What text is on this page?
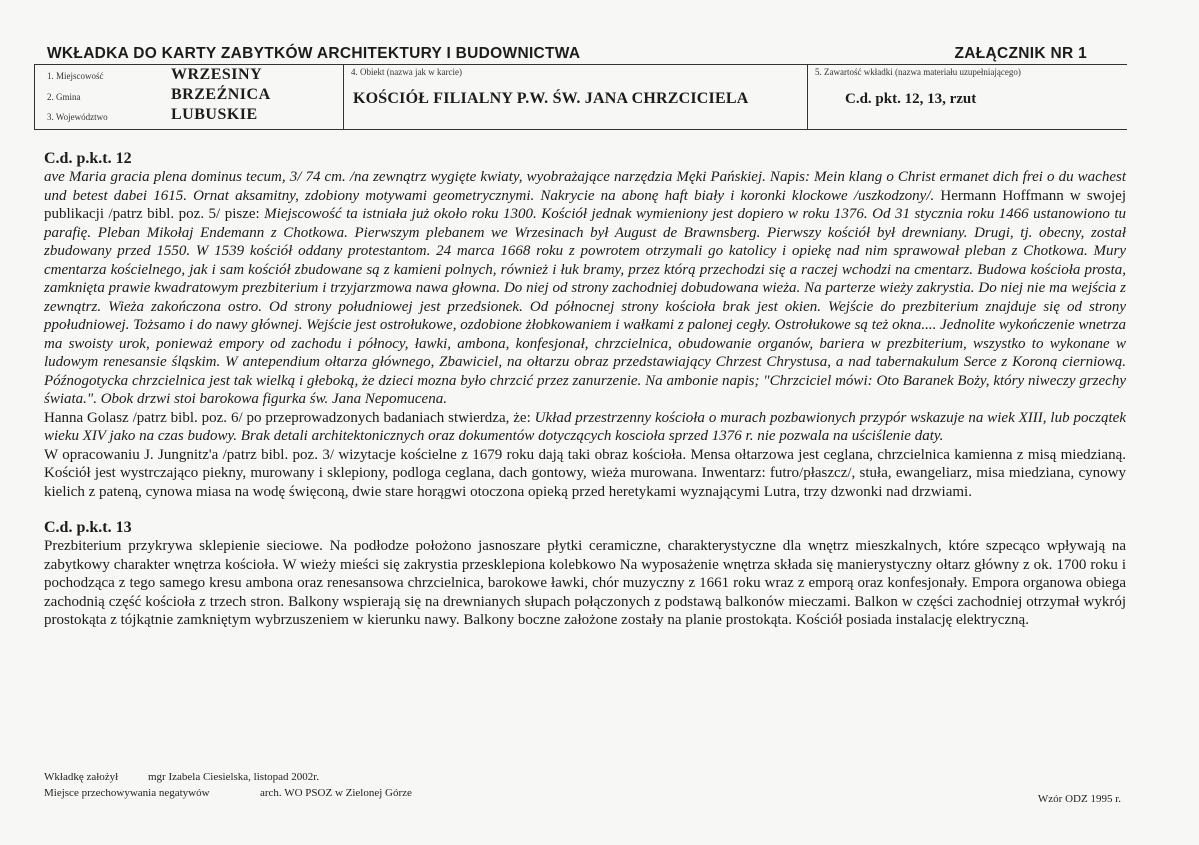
WKŁADKA DO KARTY ZABYTKÓW ARCHITEKTURY I BUDOWNICTWA	ZAŁĄCZNIK NR 1
1. Miejscowość	WRZESINY
2. Gmina	BRZEŹNICA
3. Województwo	LUBUSKIE
4. Obiekt (nazwa jak w karcie)
KOŚCIÓŁ FILIALNY P.W. ŚW. JANA CHRZCICIELA
5. Zawartość wkładki (nazwa materiału uzupełniającego)
C.d. pkt. 12, 13, rzut
C.d. p.k.t. 12

ave Maria gracia plena dominus tecum, 3/ 74 cm. /na zewnątrz wygięte kwiaty, wyobrażające narzędzia Męki Pańskiej. Napis: Mein klang o Christ ermanet dich frei o du wachest und betest dabei 1615. Ornat aksamitny, zdobiony motywami geometrycznymi. Nakrycie na abonę haft biały i koronki klockowe /uszkodzony/. Hermann Hoffmann w swojej publikacji /patrz bibl. poz. 5/ pisze: Miejscowość ta istniała już około roku 1300. Kościół jednak wymieniony jest dopiero w roku 1376. Od 31 stycznia roku 1466 ustanowiono tu parafię. Pleban Mikołaj Endemann z Chotkowa. Pierwszym plebanem we Wrzesinach był August de Brawnsberg. Pierwszy kościół był drewniany. Drugi, tj. obecny, został zbudowany przed 1550. W 1539 kościół oddany protestantom. 24 marca 1668 roku z powrotem otrzymali go katolicy i opiekę nad nim sprawował pleban z Chotkowa. Mury cmentarza kościelnego, jak i sam kościół zbudowane są z kamieni polnych, również i łuk bramy, przez którą przechodzi się a raczej wchodzi na cmentarz. Budowa kościoła prosta, zamknięta prawie kwadratowym prezbiterium i trzyjarzmowa nawa głowna. Do niej od strony zachodniej dobudowana wieża. Na parterze wieży zakrystia. Do niej nie ma wejścia z zewnątrz. Wieża zakończona ostro. Od strony południowej jest przedsionek. Od północnej strony kościoła brak jest okien. Wejście do prezbiterium znajduje się od strony ppołudniowej. Tożsamo i do nawy głównej. Wejście jest ostrołukowe, ozdobione żłobkowaniem i wałkami z palonej cegły. Ostrołukowe są też okna.... Jednolite wykończenie wnetrza ma swoisty urok, ponieważ empory od zachodu i północy, ławki, ambona, konfesjonał, chrzcielnica, obudowanie organów, bariera w prezbiterium, wszystko to wykonane w ludowym renesansie śląskim. W antependium ołtarza głównego, Zbawiciel, na ołtarzu obraz przedstawiający Chrzest Chrystusa, a nad tabernakulum Serce z Koroną cierniową. Późnogotycka chrzcielnica jest tak wielką i głeboką, że dzieci mozna było chrzcić przez zanurzenie. Na ambonie napis; "Chrzciciel mówi: Oto Baranek Boży, który niweczy grzechy świata.". Obok drzwi stoi barokowa figurka św. Jana Nepomucena.

Hanna Golasz /patrz bibl. poz. 6/ po przeprowadzonych badaniach stwierdza, że: Układ przestrzenny kościoła o murach pozbawionych przypór wskazuje na wiek XIII, lub początek wieku XIV jako na czas budowy. Brak detali architektonicznych oraz dokumentów dotyczących koscioła sprzed 1376 r. nie pozwala na uściślenie daty.

W opracowaniu J. Jungnitz'a /patrz bibl. poz. 3/ wizytacje kościelne z 1679 roku dają taki obraz kościoła. Mensa ołtarzowa jest ceglana, chrzcielnica kamienna z misą miedzianą. Kościół jest wystrczająco piekny, murowany i sklepiony, podloga ceglana, dach gontowy, wieża murowana. Inwentarz: futro/płaszcz/, stuła, ewangeliarz, misa miedziana, cynowy kielich z pateną, cynowa miasa na wodę święconą, dwie stare horągwi otoczona opieką przed heretykami wyznającymi Lutra, trzy dzwonki nad drzwiami.

C.d. p.k.t. 13

Prezbiterium przykrywa sklepienie sieciowe. Na podłodze położono jasnoszare płytki ceramiczne, charakterystyczne dla wnętrz mieszkalnych, które szpecąco wpływają na zabytkowy charakter wnętrza kościoła. W wieży mieści się zakrystia przesklepiona kolebkowo Na wyposażenie wnętrza składa się manierystyczny ołtarz główny z ok. 1700 roku i pochodząca z tego samego kresu ambona oraz renesansowa chrzcielnica, barokowe ławki, chór muzyczny z 1661 roku wraz z emporą oraz konfesjonały. Empora organowa obiega zachodnią część kościoła z trzech stron. Balkony wspierają się na drewnianych słupach połączonych z podstawą balkonów mieczami. Balkon w części zachodniej otrzymał wykrój prostokąta z tójkątnie zamkniętym wybrzuszeniem w kierunku nawy. Balkony boczne założone zostały na planie prostokąta. Kościół posiada instalację elektryczną.

Wkładkę założył	mgr Izabela Ciesielska, listopad 2002r.
Miejsce przechowywania negatywów	arch. WO PSOZ w Zielonej Górze	Wzór ODZ 1995 r.
